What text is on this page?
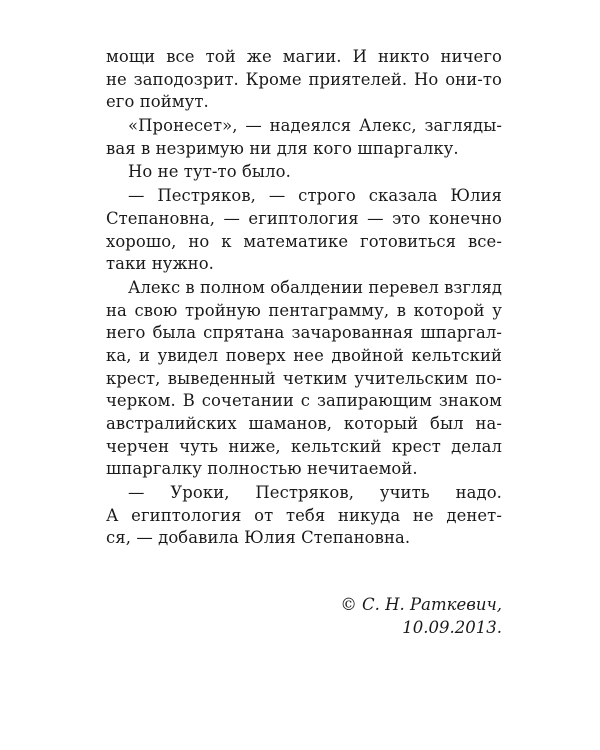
мощи все той же магии. И никто ничего
не заподозрит. Кроме приятелей. Но они-то
его поймут.

«Пронесет», — надеялся Алекс, загляды-
вая в незримую ни для кого шпаргалку.

Но не тут-то было.

— Пестряков, — строго сказала Юлия
Степановна, — египтология — это конечно
хорошо, но к математике готовиться все-
таки нужно.

Алекс в полном обалдении перевел взгляд
на свою тройную пентаграмму, в которой у
него была спрятана зачарованная шпаргал-
ка, и увидел поверх нее двойной кельтский
крест, выведенный четким учительским по-
черком. В сочетании с запирающим знаком
австралийских шаманов, который был на-
черчен чуть ниже, кельтский крест делал
шпаргалку полностью нечитаемой.

— Уроки, Пестряков, учить надо.
А египтология от тебя никуда не денет-
ся, — добавила Юлия Степановна.

© С. Н. Раткевич,
10.09.2013.
